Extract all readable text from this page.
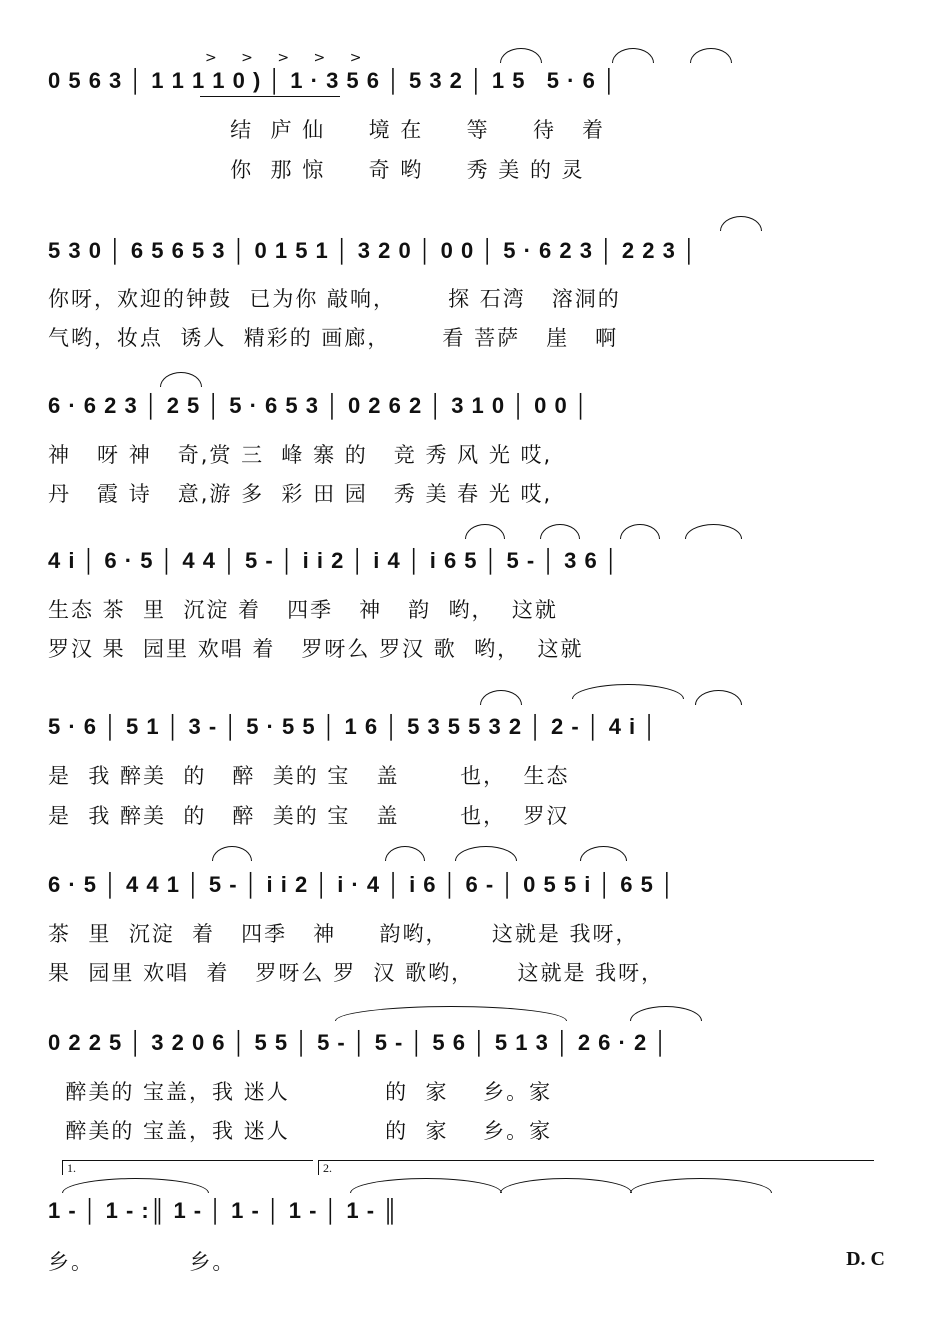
> > > > >
0 5 6 3 │ 1 1 1 1 0 ) │ 1 · 3 5 6 │ 5 3 2 │ 1 5   5 · 6 │
结  庐 仙     境 在     等     待   着
你  那 惊     奇 哟     秀 美 的 灵
5 3 0 │ 6 5 6 5 3 │ 0 1 5 1 │ 3 2 0 │ 0 0 │ 5 · 6 2 3 │ 2 2 3 │
你呀，欢迎的钟鼓  已为你 敲响，      探 石湾   溶洞的
气哟，妆点  诱人  精彩的 画廊，      看 菩萨   崖   啊
6 · 6 2 3 │ 2 5 │ 5 · 6 5 3 │ 0 2 6 2 │ 3 1 0 │ 0 0 │
神   呀 神   奇,赏 三  峰 寨 的   竞 秀 风 光 哎,
丹   霞 诗   意,游 多  彩 田 园   秀 美 春 光 哎,
4 i │ 6 · 5 │ 4 4 │ 5 - │ i i 2 │ i 4 │ i 6 5 │ 5 - │ 3 6 │
生态 茶  里  沉淀 着   四季   神   韵  哟，  这就
罗汉 果  园里 欢唱 着   罗呀么 罗汉 歌  哟，  这就
5 · 6 │ 5 1 │ 3 - │ 5 · 5 5 │ 1 6 │ 5 3 5 5 3 2 │ 2 - │ 4 i │
是  我 醉美  的   醉  美的 宝   盖       也，  生态
是  我 醉美  的   醉  美的 宝   盖       也，  罗汉
6 · 5 │ 4 4 1 │ 5 - │ i i 2 │ i · 4 │ i 6 │ 6 - │ 0 5 5 i │ 6 5 │
茶  里  沉淀  着   四季   神     韵哟，     这就是 我呀，
果  园里 欢唱  着   罗呀么 罗  汉 歌哟，     这就是 我呀，
0 2 2 5 │ 3 2 0 6 │ 5 5 │ 5 - │ 5 - │ 5 6 │ 5 1 3 │ 2 6 · 2 │
醉美的 宝盖，我 迷人           的  家    乡。家
醉美的 宝盖，我 迷人           的  家    乡。家
1.	2.
1 - │ 1 - :║ 1 - │ 1 - │ 1 - │ 1 - ║
乡。           乡。	D. C
